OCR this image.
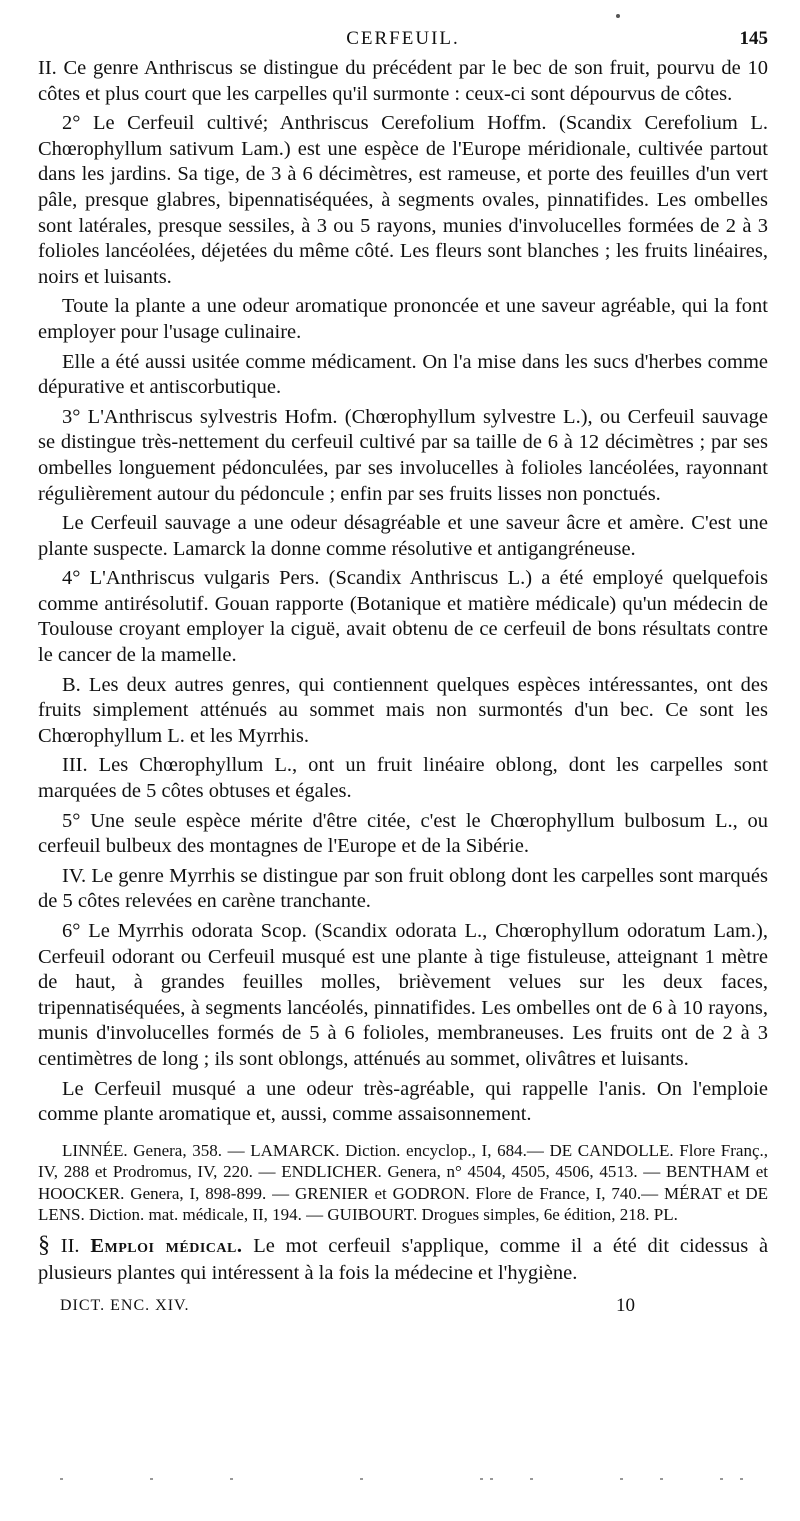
CERFEUIL.	145

II. Ce genre Anthriscus se distingue du précédent par le bec de son fruit, pourvu de 10 côtes et plus court que les carpelles qu'il surmonte : ceux-ci sont dépourvus de côtes.

2° Le Cerfeuil cultivé; Anthriscus Cerefolium Hoffm. (Scandix Cerefolium L. Chœrophyllum sativum Lam.) est une espèce de l'Europe méridionale, cultivée partout dans les jardins. Sa tige, de 3 à 6 décimètres, est rameuse, et porte des feuilles d'un vert pâle, presque glabres, bipennatiséquées, à segments ovales, pinnatifides. Les ombelles sont latérales, presque sessiles, à 3 ou 5 rayons, munies d'involucelles formées de 2 à 3 folioles lancéolées, déjetées du même côté. Les fleurs sont blanches ; les fruits linéaires, noirs et luisants.

Toute la plante a une odeur aromatique prononcée et une saveur agréable, qui la font employer pour l'usage culinaire.

Elle a été aussi usitée comme médicament. On l'a mise dans les sucs d'herbes comme dépurative et antiscorbutique.

3° L'Anthriscus sylvestris Hofm. (Chœrophyllum sylvestre L.), ou Cerfeuil sauvage se distingue très-nettement du cerfeuil cultivé par sa taille de 6 à 12 décimètres ; par ses ombelles longuement pédonculées, par ses involucelles à folioles lancéolées, rayonnant régulièrement autour du pédoncule ; enfin par ses fruits lisses non ponctués.

Le Cerfeuil sauvage a une odeur désagréable et une saveur âcre et amère. C'est une plante suspecte. Lamarck la donne comme résolutive et antigangréneuse.

4° L'Anthriscus vulgaris Pers. (Scandix Anthriscus L.) a été employé quelquefois comme antirésolutif. Gouan rapporte (Botanique et matière médicale) qu'un médecin de Toulouse croyant employer la ciguë, avait obtenu de ce cerfeuil de bons résultats contre le cancer de la mamelle.

B. Les deux autres genres, qui contiennent quelques espèces intéressantes, ont des fruits simplement atténués au sommet mais non surmontés d'un bec. Ce sont les Chœrophyllum L. et les Myrrhis.

III. Les Chœrophyllum L., ont un fruit linéaire oblong, dont les carpelles sont marquées de 5 côtes obtuses et égales.

5° Une seule espèce mérite d'être citée, c'est le Chœrophyllum bulbosum L., ou cerfeuil bulbeux des montagnes de l'Europe et de la Sibérie.

IV. Le genre Myrrhis se distingue par son fruit oblong dont les carpelles sont marqués de 5 côtes relevées en carène tranchante.

6° Le Myrrhis odorata Scop. (Scandix odorata L., Chœrophyllum odoratum Lam.), Cerfeuil odorant ou Cerfeuil musqué est une plante à tige fistuleuse, atteignant 1 mètre de haut, à grandes feuilles molles, brièvement velues sur les deux faces, tripennatiséquées, à segments lancéolés, pinnatifides. Les ombelles ont de 6 à 10 rayons, munis d'involucelles formés de 5 à 6 folioles, membraneuses. Les fruits ont de 2 à 3 centimètres de long ; ils sont oblongs, atténués au sommet, olivâtres et luisants.

Le Cerfeuil musqué a une odeur très-agréable, qui rappelle l'anis. On l'emploie comme plante aromatique et, aussi, comme assaisonnement.

LINNÉE. Genera, 358. — LAMARCK. Diction. encyclop., I, 684.— DE CANDOLLE. Flore Franç., IV, 288 et Prodromus, IV, 220. — ENDLICHER. Genera, n° 4504, 4505, 4506, 4513. — BENTHAM et HOOCKER. Genera, I, 898-899. — GRENIER et GODRON. Flore de France, I, 740.— MÉRAT et DE LENS. Diction. mat. médicale, II, 194. — GUIBOURT. Drogues simples, 6e édition, 218. PL.
§ II. Emploi médical. Le mot cerfeuil s'applique, comme il a été dit cidessus à plusieurs plantes qui intéressent à la fois la médecine et l'hygiène.
DICT. ENC. XIV.	10
